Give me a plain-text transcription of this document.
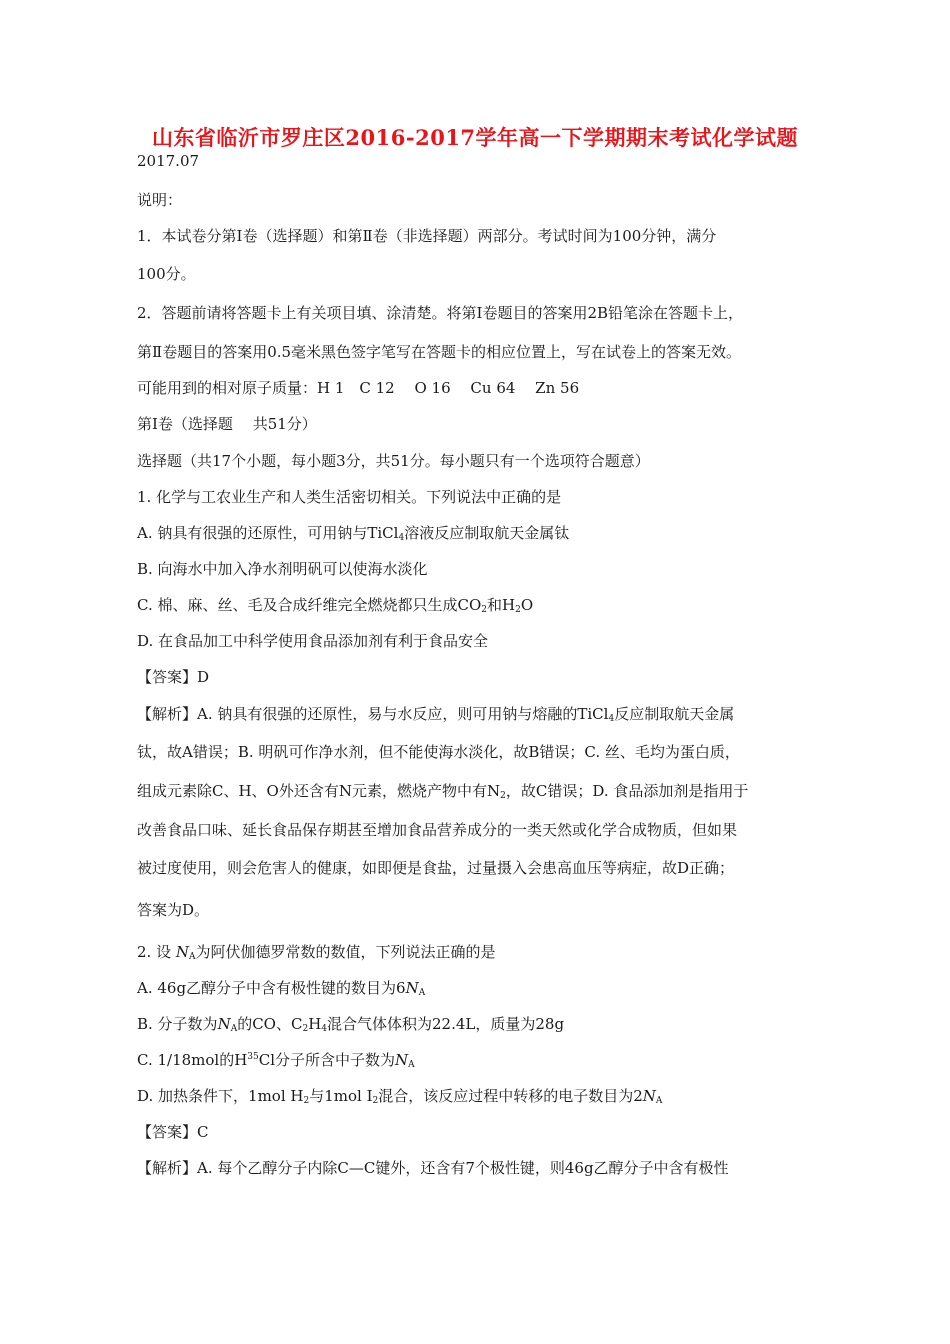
山东省临沂市罗庄区2016-2017学年高一下学期期末考试化学试题
2017.07
说明：
1．本试卷分第Ⅰ卷（选择题）和第Ⅱ卷（非选择题）两部分。考试时间为100分钟，满分
100分。
2．答题前请将答题卡上有关项目填、涂清楚。将第Ⅰ卷题目的答案用2B铅笔涂在答题卡上，
第Ⅱ卷题目的答案用0.5毫米黑色签字笔写在答题卡的相应位置上，写在试卷上的答案无效。
可能用到的相对原子质量：H 1　C 12　 O 16　 Cu 64　 Zn 56
第Ⅰ卷（选择题　 共51分）
选择题（共17个小题，每小题3分，共51分。每小题只有一个选项符合题意）
1. 化学与工农业生产和人类生活密切相关。下列说法中正确的是
A. 钠具有很强的还原性，可用钠与TiCl$_4$溶液反应制取航天金属钛
B. 向海水中加入净水剂明矾可以使海水淡化
C. 棉、麻、丝、毛及合成纤维完全燃烧都只生成$CO_2$和$H_2O$
D. 在食品加工中科学使用食品添加剂有利于食品安全
【答案】D
【解析】A. 钠具有很强的还原性，易与水反应，则可用钠与熔融的TiCl$_4$反应制取航天金属
钛，故A错误；B. 明矾可作净水剂，但不能使海水淡化，故B错误；C. 丝、毛均为蛋白质，
组成元素除C、H、O外还含有N元素，燃烧产物中有$N_2$，故C错误；D. 食品添加剂是指用于
改善食品口味、延长食品保存期甚至增加食品营养成分的一类天然或化学合成物质，但如果
被过度使用，则会危害人的健康，如即便是食盐，过量摄入会患高血压等病症，故D正确；
答案为D。
2. 设 $N_A$为阿伏伽德罗常数的数值，下列说法正确的是
A. 46g乙醇分子中含有极性键的数目为$6N_A$
B. 分子数为$N_A$的CO、$C_2H_4$混合气体体积为22.4L，质量为28g
C. 1/18mol的$H^{35}Cl$分子所含中子数为$N_A$
D. 加热条件下，1mol $H_2$与1mol $I_2$混合，该反应过程中转移的电子数目为$2N_A$
【答案】C
【解析】A. 每个乙醇分子内除C—C键外，还含有7个极性键，则46g乙醇分子中含有极性
